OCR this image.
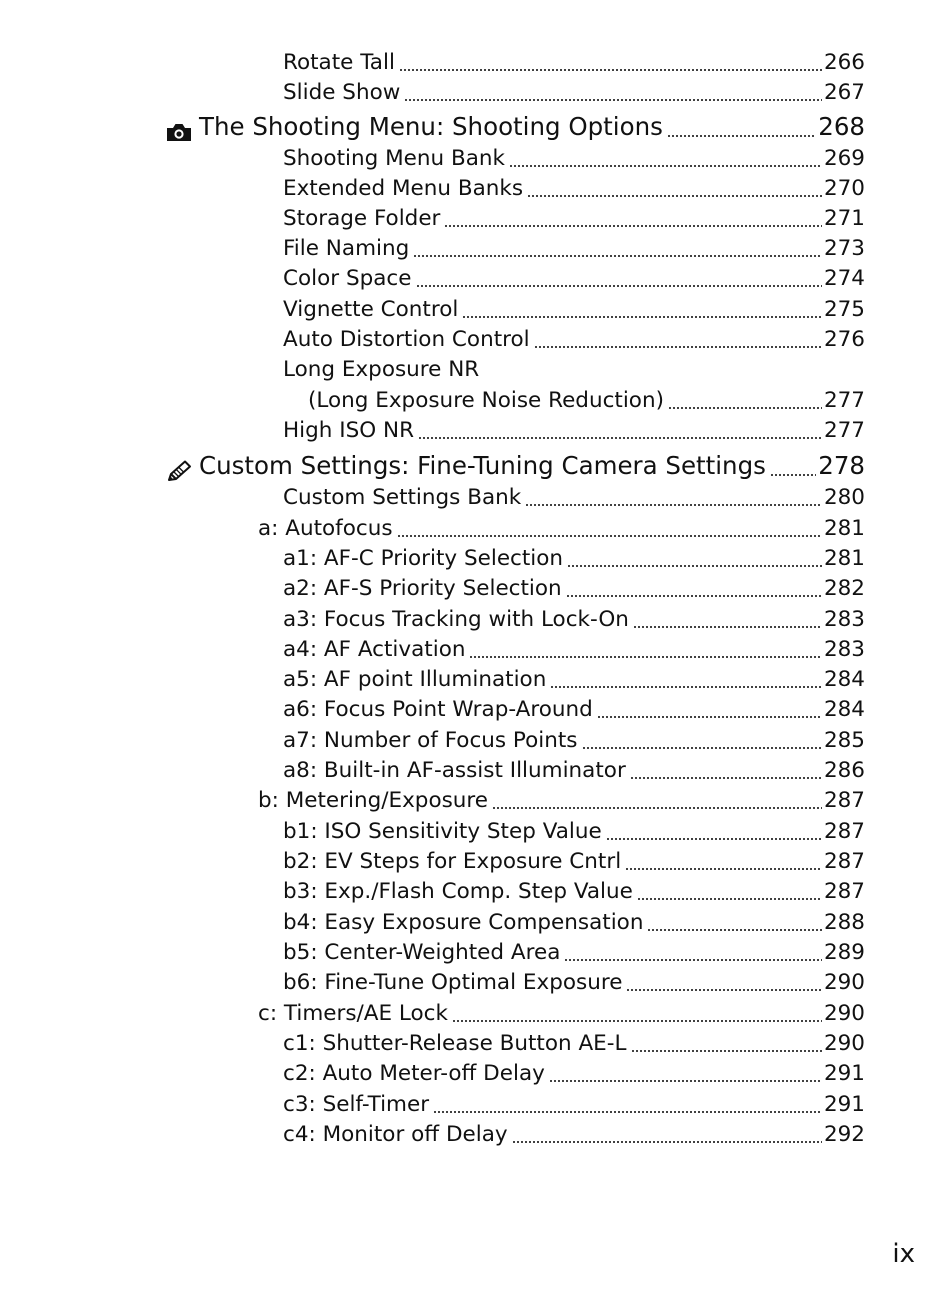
Rotate Tall	266
Slide Show	267
The Shooting Menu: Shooting Options	268
Shooting Menu Bank	269
Extended Menu Banks	270
Storage Folder	271
File Naming	273
Color Space	274
Vignette Control	275
Auto Distortion Control	276
Long Exposure NR
(Long Exposure Noise Reduction)	277
High ISO NR	277
Custom Settings: Fine-Tuning Camera Settings 278
Custom Settings Bank	280
a: Autofocus	281
a1: AF-C Priority Selection	281
a2: AF-S Priority Selection	282
a3: Focus Tracking with Lock-On	283
a4: AF Activation	283
a5: AF point Illumination	284
a6: Focus Point Wrap-Around	284
a7: Number of Focus Points	285
a8: Built-in AF-assist Illuminator	286
b: Metering/Exposure	287
b1: ISO Sensitivity Step Value	287
b2: EV Steps for Exposure Cntrl	287
b3: Exp./Flash Comp. Step Value	287
b4: Easy Exposure Compensation	288
b5: Center-Weighted Area	289
b6: Fine-Tune Optimal Exposure	290
c: Timers/AE Lock	290
c1: Shutter-Release Button AE-L	290
c2: Auto Meter-off Delay	291
c3: Self-Timer	291
c4: Monitor off Delay	292
ix
